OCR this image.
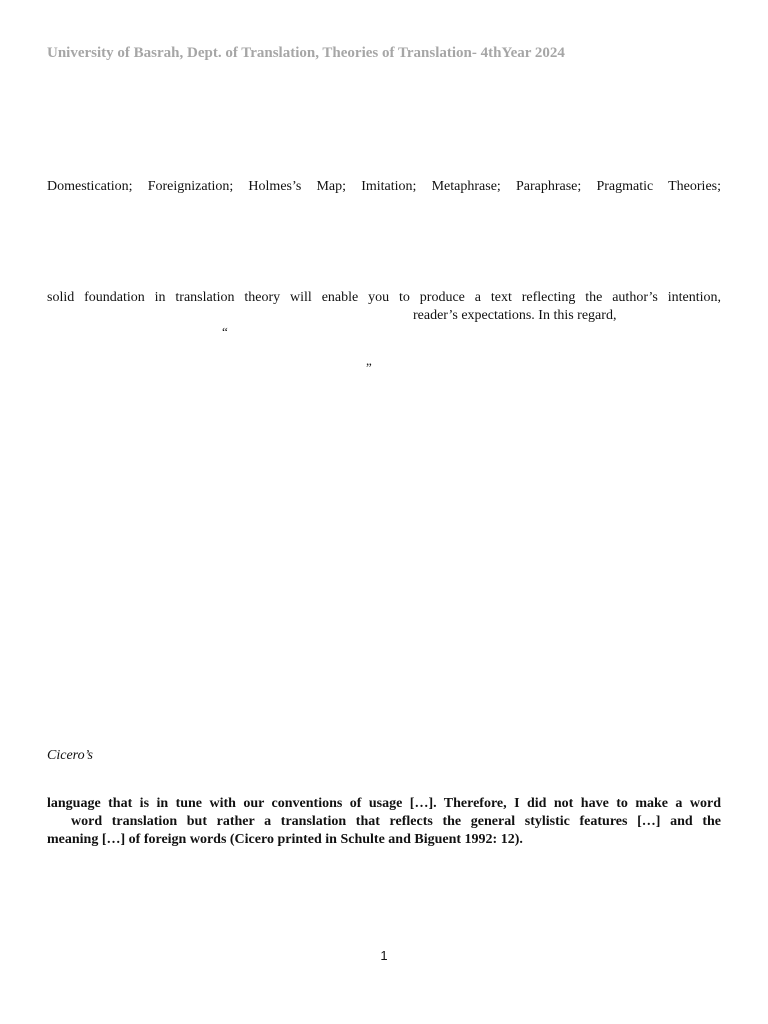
University of Basrah, Dept. of Translation, Theories of Translation- 4thYear 2024
Domestication; Foreignization; Holmes’s Map; Imitation; Metaphrase; Paraphrase; Pragmatic Theories;
solid foundation in translation theory will enable you to produce a text reflecting the author’s intention,
reader’s expectations. In this regard,
“
”
Cicero’s
language that is in tune with our conventions of usage […]. Therefore, I did not have to make a word
word translation but rather a translation that reflects the general stylistic features […] and the
meaning […] of foreign words (Cicero printed in Schulte and Biguent 1992: 12).
1
